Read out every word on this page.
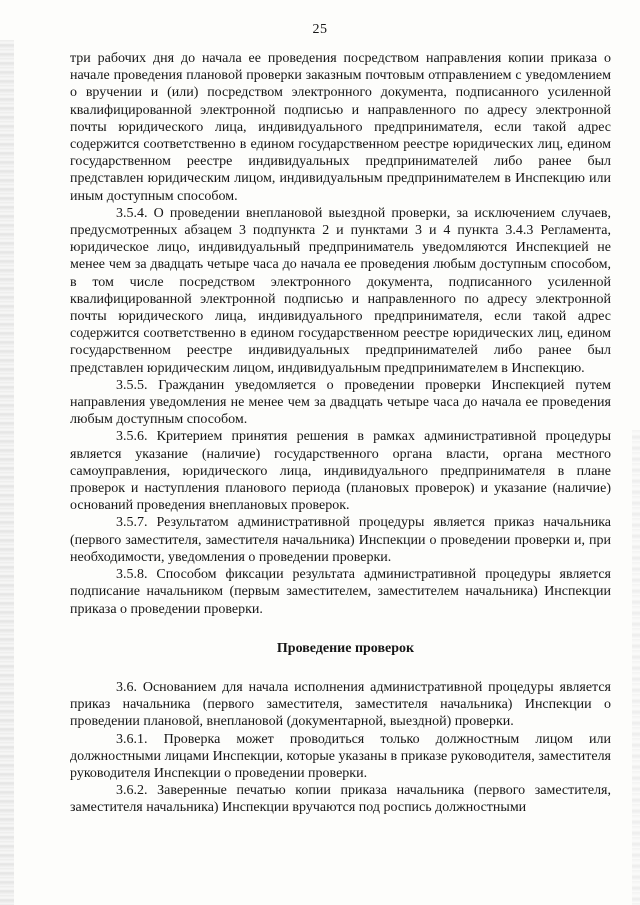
25

три рабочих дня до начала ее проведения посредством направления копии приказа о начале проведения плановой проверки заказным почтовым отправлением с уведомлением о вручении и (или) посредством электронного документа, подписанного усиленной квалифицированной электронной подписью и направленного по адресу электронной почты юридического лица, индивидуального предпринимателя, если такой адрес содержится соответственно в едином государственном реестре юридических лиц, едином государственном реестре индивидуальных предпринимателей либо ранее был представлен юридическим лицом, индивидуальным предпринимателем в Инспекцию или иным доступным способом.

3.5.4. О проведении внеплановой выездной проверки, за исключением случаев, предусмотренных абзацем 3 подпункта 2 и пунктами 3 и 4 пункта 3.4.3 Регламента, юридическое лицо, индивидуальный предприниматель уведомляются Инспекцией не менее чем за двадцать четыре часа до начала ее проведения любым доступным способом, в том числе посредством электронного документа, подписанного усиленной квалифицированной электронной подписью и направленного по адресу электронной почты юридического лица, индивидуального предпринимателя, если такой адрес содержится соответственно в едином государственном реестре юридических лиц, едином государственном реестре индивидуальных предпринимателей либо ранее был представлен юридическим лицом, индивидуальным предпринимателем в Инспекцию.

3.5.5. Гражданин уведомляется о проведении проверки Инспекцией путем направления уведомления не менее чем за двадцать четыре часа до начала ее проведения любым доступным способом.

3.5.6. Критерием принятия решения в рамках административной процедуры является указание (наличие) государственного органа власти, органа местного самоуправления, юридического лица, индивидуального предпринимателя в плане проверок и наступления планового периода (плановых проверок) и указание (наличие) оснований проведения внеплановых проверок.

3.5.7. Результатом административной процедуры является приказ начальника (первого заместителя, заместителя начальника) Инспекции о проведении проверки и, при необходимости, уведомления о проведении проверки.

3.5.8. Способом фиксации результата административной процедуры является подписание начальником (первым заместителем, заместителем начальника) Инспекции приказа о проведении проверки.

Проведение проверок

3.6. Основанием для начала исполнения административной процедуры является приказ начальника (первого заместителя, заместителя начальника) Инспекции о проведении плановой, внеплановой (документарной, выездной) проверки.

3.6.1. Проверка может проводиться только должностным лицом или должностными лицами Инспекции, которые указаны в приказе руководителя, заместителя руководителя Инспекции о проведении проверки.

3.6.2. Заверенные печатью копии приказа начальника (первого заместителя, заместителя начальника) Инспекции вручаются под роспись должностными
